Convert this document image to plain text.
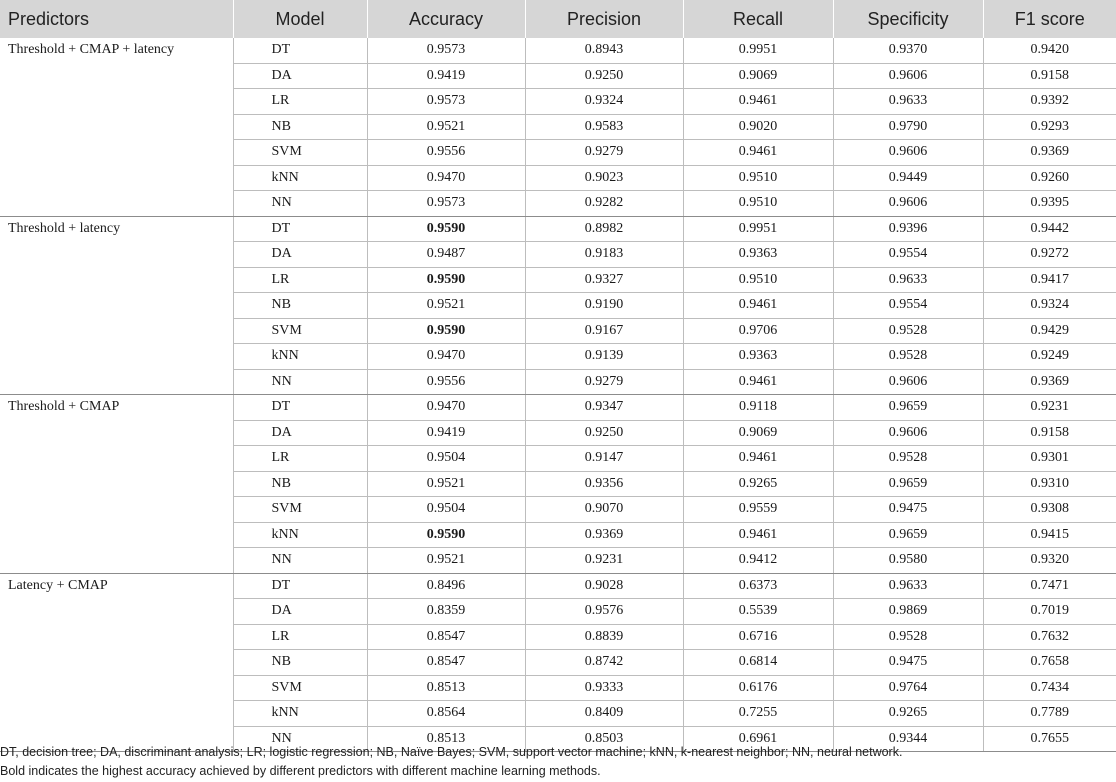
Predictors	Model	Accuracy	Precision	Recall	Specificity	F1 score
Threshold + CMAP + latency	DT	0.9573	0.8943	0.9951	0.9370	0.9420
	DA	0.9419	0.9250	0.9069	0.9606	0.9158
	LR	0.9573	0.9324	0.9461	0.9633	0.9392
	NB	0.9521	0.9583	0.9020	0.9790	0.9293
	SVM	0.9556	0.9279	0.9461	0.9606	0.9369
	kNN	0.9470	0.9023	0.9510	0.9449	0.9260
	NN	0.9573	0.9282	0.9510	0.9606	0.9395
Threshold + latency	DT	0.9590	0.8982	0.9951	0.9396	0.9442
	DA	0.9487	0.9183	0.9363	0.9554	0.9272
	LR	0.9590	0.9327	0.9510	0.9633	0.9417
	NB	0.9521	0.9190	0.9461	0.9554	0.9324
	SVM	0.9590	0.9167	0.9706	0.9528	0.9429
	kNN	0.9470	0.9139	0.9363	0.9528	0.9249
	NN	0.9556	0.9279	0.9461	0.9606	0.9369
Threshold + CMAP	DT	0.9470	0.9347	0.9118	0.9659	0.9231
	DA	0.9419	0.9250	0.9069	0.9606	0.9158
	LR	0.9504	0.9147	0.9461	0.9528	0.9301
	NB	0.9521	0.9356	0.9265	0.9659	0.9310
	SVM	0.9504	0.9070	0.9559	0.9475	0.9308
	kNN	0.9590	0.9369	0.9461	0.9659	0.9415
	NN	0.9521	0.9231	0.9412	0.9580	0.9320
Latency + CMAP	DT	0.8496	0.9028	0.6373	0.9633	0.7471
	DA	0.8359	0.9576	0.5539	0.9869	0.7019
	LR	0.8547	0.8839	0.6716	0.9528	0.7632
	NB	0.8547	0.8742	0.6814	0.9475	0.7658
	SVM	0.8513	0.9333	0.6176	0.9764	0.7434
	kNN	0.8564	0.8409	0.7255	0.9265	0.7789
	NN	0.8513	0.8503	0.6961	0.9344	0.7655

DT, decision tree; DA, discriminant analysis; LR; logistic regression; NB, Naïve Bayes; SVM, support vector machine; kNN, k-nearest neighbor; NN, neural network.

Bold indicates the highest accuracy achieved by different predictors with different machine learning methods.
